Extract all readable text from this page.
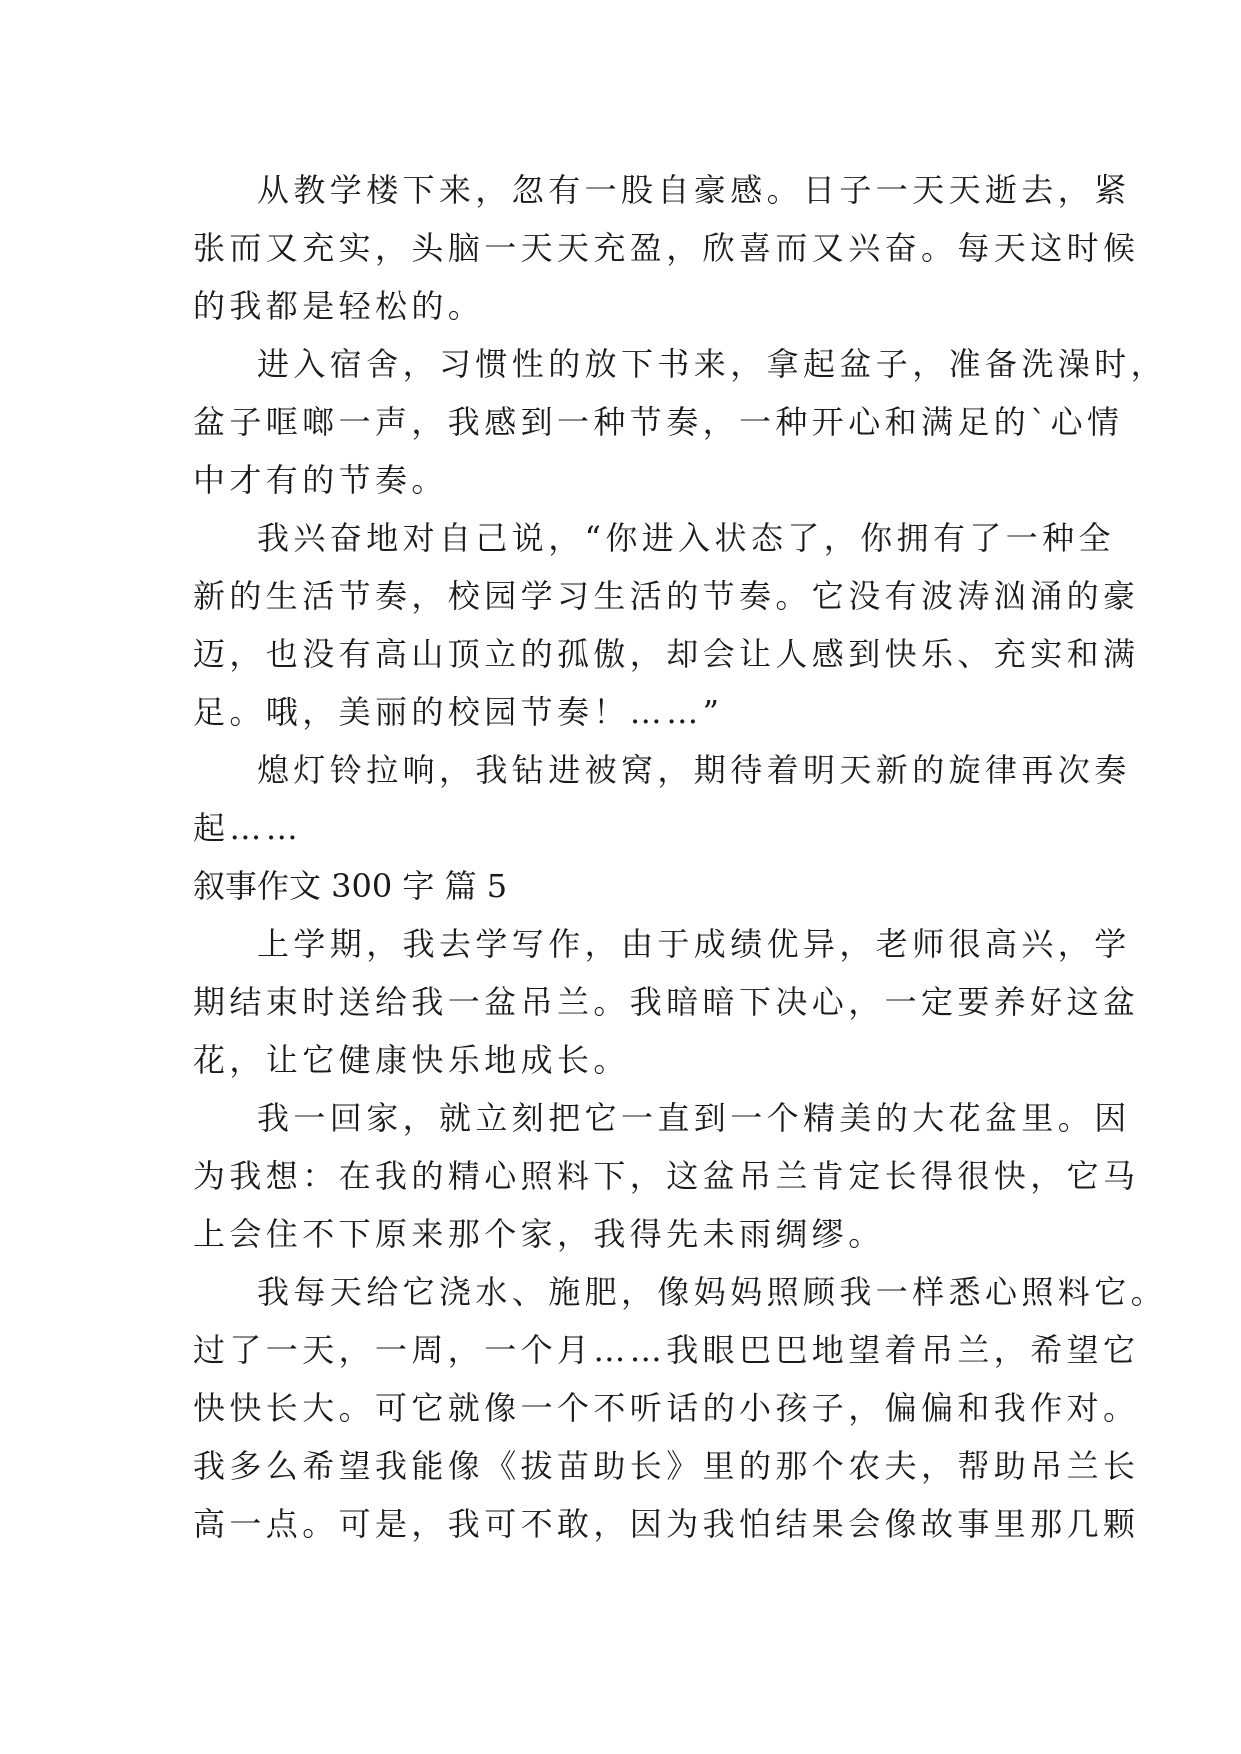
从教学楼下来，忽有一股自豪感。日子一天天逝去，紧
张而又充实，头脑一天天充盈，欣喜而又兴奋。每天这时候
的我都是轻松的。
进入宿舍，习惯性的放下书来，拿起盆子，准备洗澡时，
盆子哐啷一声，我感到一种节奏，一种开心和满足的`心情
中才有的节奏。
我兴奋地对自己说，“你进入状态了，你拥有了一种全
新的生活节奏，校园学习生活的节奏。它没有波涛汹涌的豪
迈，也没有高山顶立的孤傲，却会让人感到快乐、充实和满
足。哦，美丽的校园节奏！……”
熄灯铃拉响，我钻进被窝，期待着明天新的旋律再次奏
起……
叙事作文 300 字 篇 5
上学期，我去学写作，由于成绩优异，老师很高兴，学
期结束时送给我一盆吊兰。我暗暗下决心，一定要养好这盆
花，让它健康快乐地成长。
我一回家，就立刻把它一直到一个精美的大花盆里。因
为我想：在我的精心照料下，这盆吊兰肯定长得很快，它马
上会住不下原来那个家，我得先未雨绸缪。
我每天给它浇水、施肥，像妈妈照顾我一样悉心照料它。
过了一天，一周，一个月……我眼巴巴地望着吊兰，希望它
快快长大。可它就像一个不听话的小孩子，偏偏和我作对。
我多么希望我能像《拔苗助长》里的那个农夫，帮助吊兰长
高一点。可是，我可不敢，因为我怕结果会像故事里那几颗
